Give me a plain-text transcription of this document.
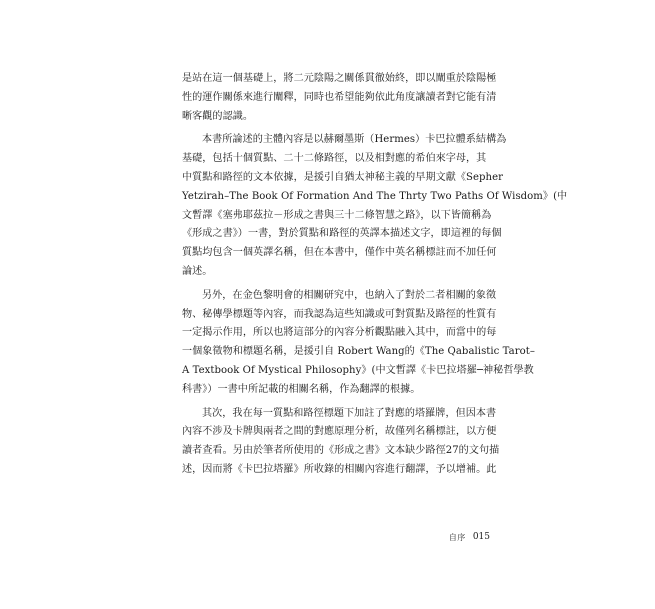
是站在這一個基礎上，將二元陰陽之關係貫徹始終，即以闡重於陰陽極
性的運作關係來進行闡釋，同時也希望能夠依此角度讓讀者對它能有清
晰客觀的認識。
本書所論述的主體內容是以赫爾墨斯（Hermes）卡巴拉體系結構為
基礎，包括十個質點、二十二條路徑，以及相對應的希伯來字母，其
中質點和路徑的文本依據，是援引自猶太神秘主義的早期文獻《Sepher
Yetzirah–The Book Of Formation And The Thrty Two Paths Of Wisdom》(中
文暫譯《塞弗耶茲拉－形成之書與三十二條智慧之路》，以下皆簡稱為
《形成之書》）一書，對於質點和路徑的英譯本描述文字，即這裡的每個
質點均包含一個英譯名稱，但在本書中，僅作中英名稱標註而不加任何
論述。
另外，在金色黎明會的相關研究中，也納入了對於二者相關的象徵
物、秘傳學標題等內容，而我認為這些知識或可對質點及路徑的性質有
一定揭示作用，所以也將這部分的內容分析觀點融入其中，而當中的每
一個象徵物和標題名稱，是援引自 Robert Wang的《The Qabalistic Tarot–
A Textbook Of Mystical Philosophy》(中文暫譯《卡巴拉塔羅─神秘哲學教
科書》）一書中所記載的相關名稱，作為翻譯的根據。
其次，我在每一質點和路徑標題下加註了對應的塔羅牌，但因本書
內容不涉及卡牌與兩者之間的對應原理分析，故僅列名稱標註，以方便
讀者查看。另由於筆者所使用的《形成之書》文本缺少路徑27的文句描
述，因而將《卡巴拉塔羅》所收錄的相關內容進行翻譯，予以增補。此
自序 015
